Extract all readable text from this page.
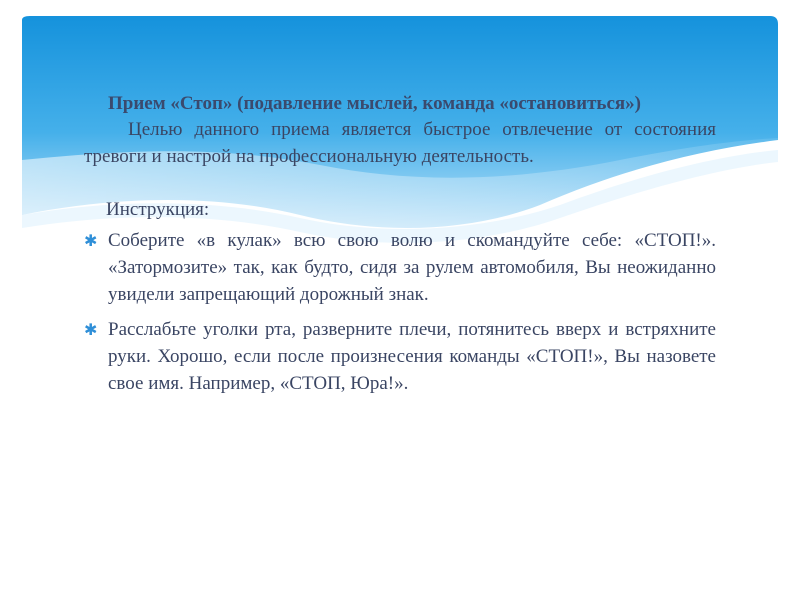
Прием «Стоп» (подавление мыслей, команда «остановиться»)

Целью данного приема является быстрое отвлечение от состояния тревоги и настрой на профессиональную деятельность.

Инструкция:

✱ Соберите «в кулак» всю свою волю и скомандуйте себе: «СТОП!». «Затормозите» так, как будто, сидя за рулем автомобиля, Вы неожиданно увидели запрещающий дорожный знак.
✱ Расслабьте уголки рта, разверните плечи, потянитесь вверх и встряхните руки. Хорошо, если после произнесения команды «СТОП!», Вы назовете свое имя. Например, «СТОП, Юра!».
